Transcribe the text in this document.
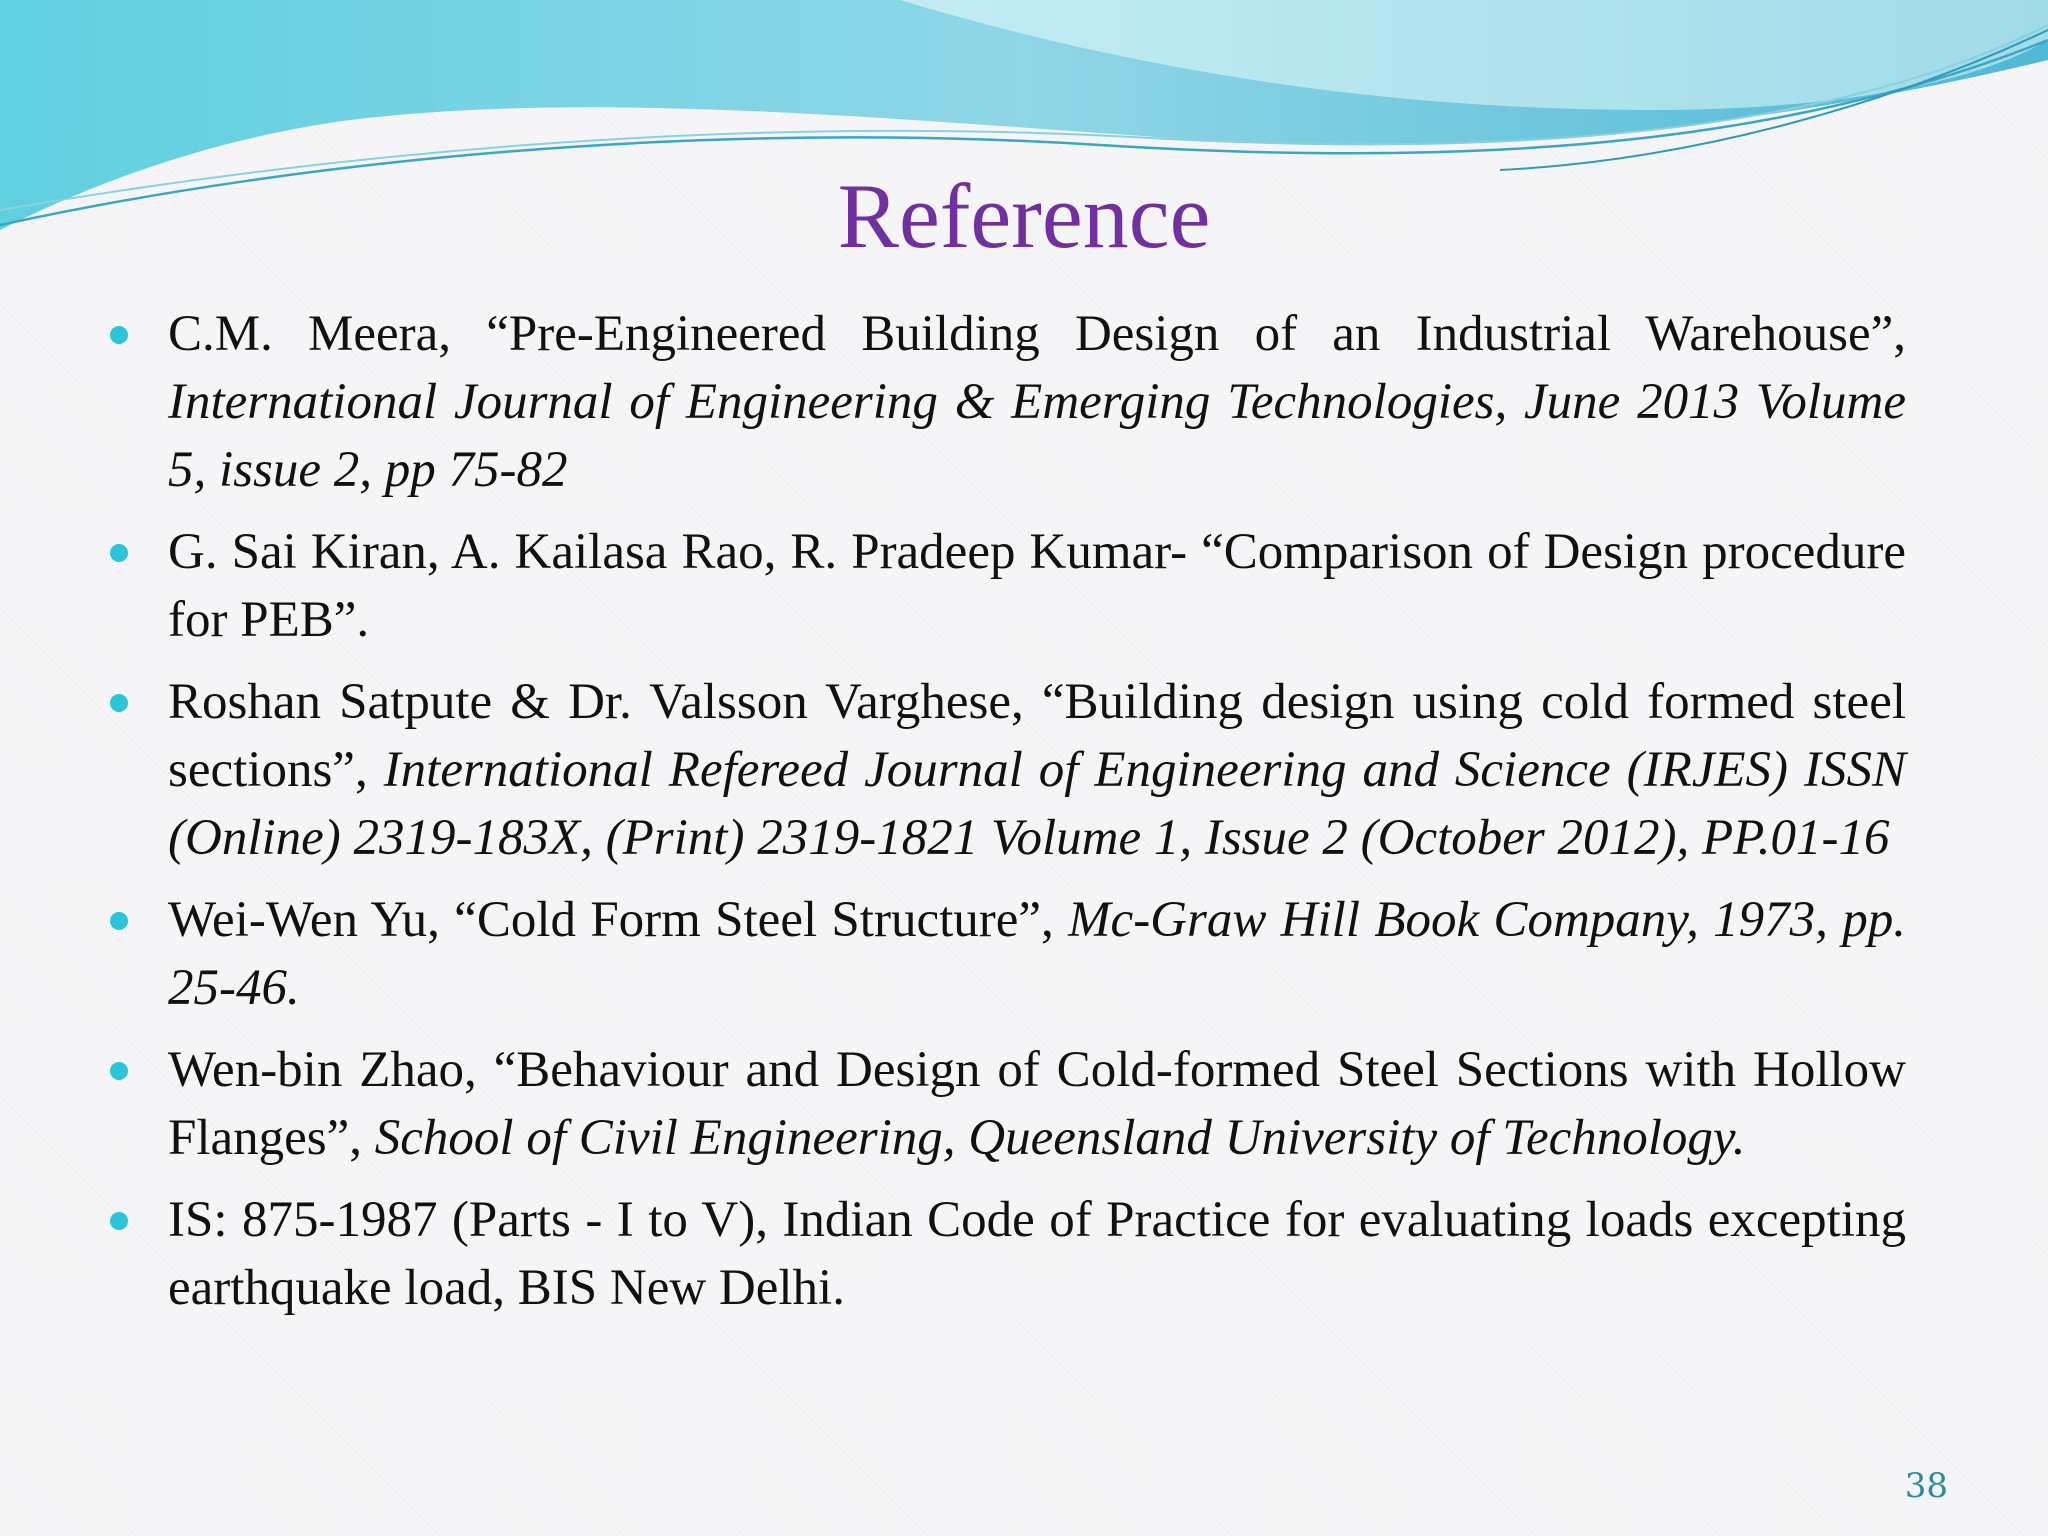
Reference
C.M. Meera, “Pre-Engineered Building Design of an Industrial Warehouse”, International Journal of Engineering & Emerging Technologies, June 2013 Volume 5, issue 2, pp 75-82
G. Sai Kiran, A. Kailasa Rao, R. Pradeep Kumar- “Comparison of Design procedure for PEB”.
Roshan Satpute & Dr. Valsson Varghese, “Building design using cold formed steel sections”, International Refereed Journal of Engineering and Science (IRJES) ISSN (Online) 2319-183X, (Print) 2319-1821 Volume 1, Issue 2 (October 2012), PP.01-16
Wei-Wen Yu, “Cold Form Steel Structure”, Mc-Graw Hill Book Company, 1973, pp. 25-46.
Wen-bin Zhao, “Behaviour and Design of Cold-formed Steel Sections with Hollow Flanges”, School of Civil Engineering, Queensland University of Technology.
IS: 875-1987 (Parts - I to V), Indian Code of Practice for evaluating loads excepting earthquake load, BIS New Delhi.
38
